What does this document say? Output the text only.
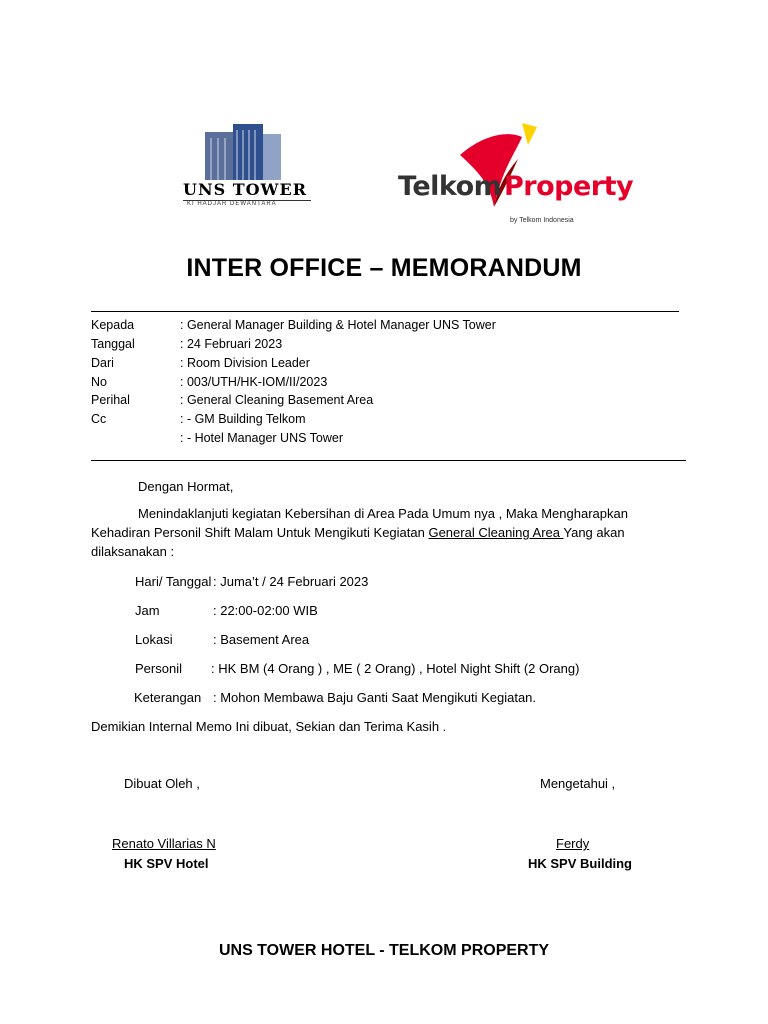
UNS TOWER
KI HADJAR DEWANTARA
Telkom Property
by Telkom Indonesia
INTER OFFICE – MEMORANDUM
Kepada	: General Manager Building & Hotel Manager UNS Tower
Tanggal	: 24 Februari 2023
Dari	: Room Division Leader
No	: 003/UTH/HK-IOM/II/2023
Perihal	: General Cleaning Basement Area
Cc	: - GM Building Telkom
: - Hotel Manager UNS Tower
Dengan Hormat,
Menindaklanjuti kegiatan Kebersihan di Area Pada Umum nya , Maka Mengharapkan
Kehadiran Personil Shift Malam Untuk Mengikuti Kegiatan General Cleaning Area Yang akan
dilaksanakan :
Hari/ Tanggal : Juma’t / 24 Februari 2023
Jam	: 22:00-02:00 WIB
Lokasi	: Basement Area
Personil : HK BM (4 Orang ) , ME ( 2 Orang) , Hotel Night Shift (2 Orang)
Keterangan : Mohon Membawa Baju Ganti Saat Mengikuti Kegiatan.
Demikian Internal Memo Ini dibuat, Sekian dan Terima Kasih .
Dibuat Oleh ,	Mengetahui ,
Renato Villarias N	Ferdy
HK SPV Hotel	HK SPV Building
UNS TOWER HOTEL - TELKOM PROPERTY
